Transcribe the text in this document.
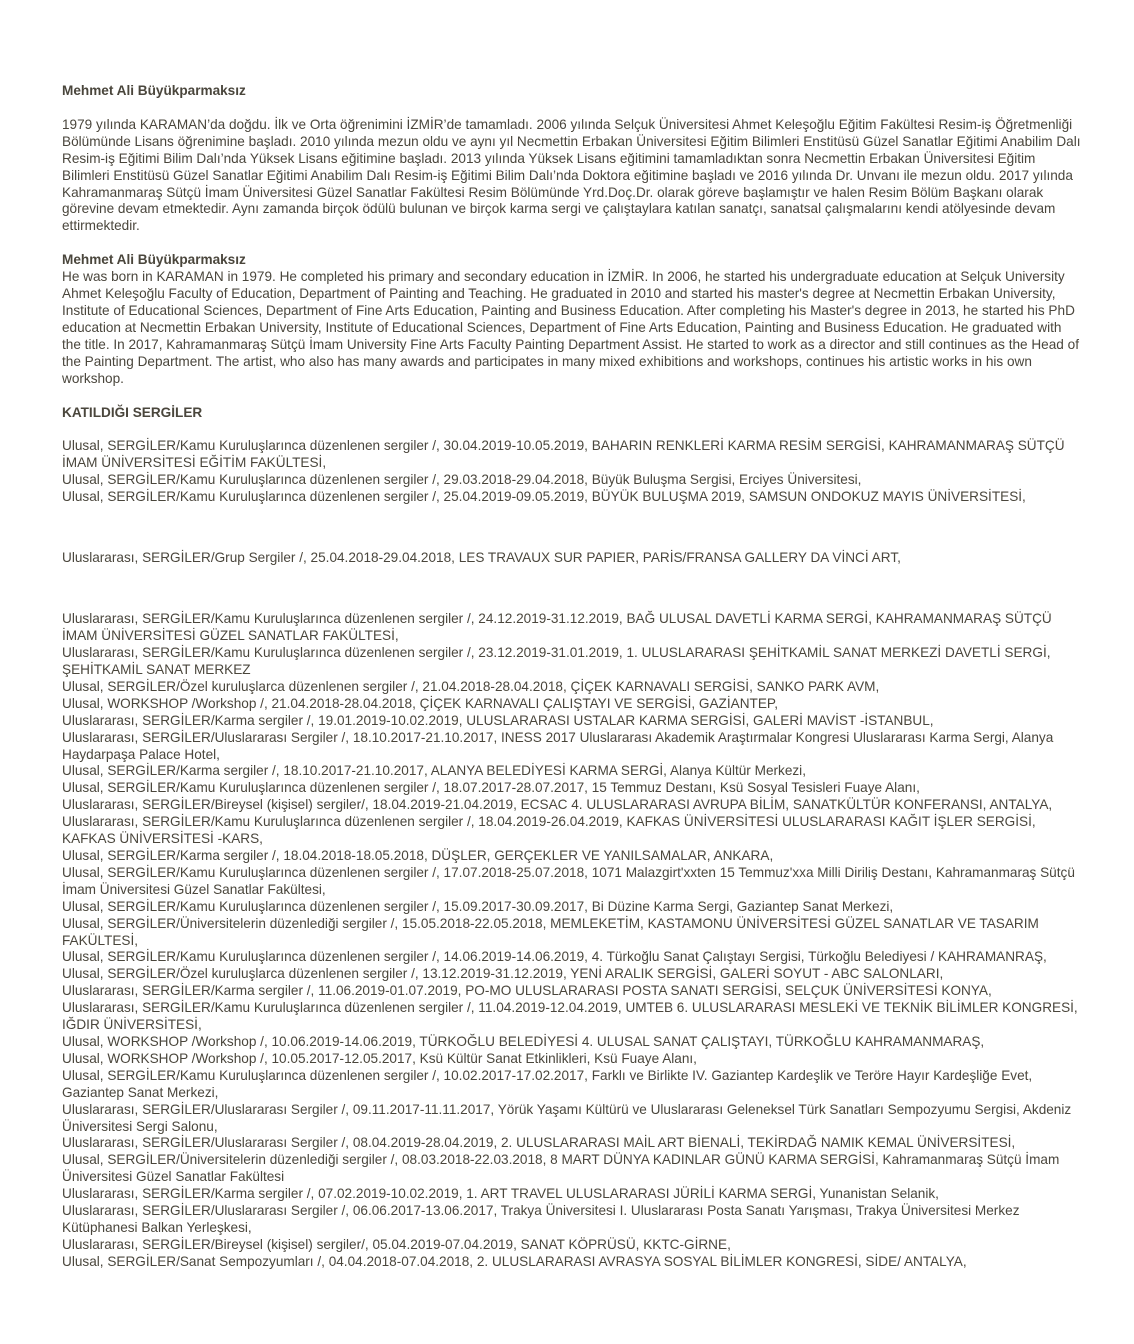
Mehmet Ali Büyükparmaksız

1979 yılında KARAMAN’da doğdu. İlk ve Orta öğrenimini İZMİR’de tamamladı. 2006 yılında Selçuk Üniversitesi Ahmet Keleşoğlu Eğitim Fakültesi Resim-iş Öğretmenliği Bölümünde Lisans öğrenimine başladı. 2010 yılında mezun oldu ve aynı yıl Necmettin Erbakan Üniversitesi Eğitim Bilimleri Enstitüsü Güzel Sanatlar Eğitimi Anabilim Dalı Resim-iş Eğitimi Bilim Dalı’nda Yüksek Lisans eğitimine başladı. 2013 yılında Yüksek Lisans eğitimini tamamladıktan sonra Necmettin Erbakan Üniversitesi Eğitim Bilimleri Enstitüsü Güzel Sanatlar Eğitimi Anabilim Dalı Resim-iş Eğitimi Bilim Dalı’nda Doktora eğitimine başladı ve 2016 yılında Dr. Unvanı ile mezun oldu. 2017 yılında Kahramanmaraş Sütçü İmam Üniversitesi Güzel Sanatlar Fakültesi Resim Bölümünde Yrd.Doç.Dr. olarak göreve başlamıştır ve halen Resim Bölüm Başkanı olarak görevine devam etmektedir. Aynı zamanda birçok ödülü bulunan ve birçok karma sergi ve çalıştaylara katılan sanatçı, sanatsal çalışmalarını kendi atölyesinde devam ettirmektedir.

Mehmet Ali Büyükparmaksız

He was born in KARAMAN in 1979. He completed his primary and secondary education in İZMİR. In 2006, he started his undergraduate education at Selçuk University Ahmet Keleşoğlu Faculty of Education, Department of Painting and Teaching. He graduated in 2010 and started his master's degree at Necmettin Erbakan University, Institute of Educational Sciences, Department of Fine Arts Education, Painting and Business Education. After completing his Master's degree in 2013, he started his PhD education at Necmettin Erbakan University, Institute of Educational Sciences, Department of Fine Arts Education, Painting and Business Education. He graduated with the title. In 2017, Kahramanmaraş Sütçü İmam University Fine Arts Faculty Painting Department Assist. He started to work as a director and still continues as the Head of the Painting Department. The artist, who also has many awards and participates in many mixed exhibitions and workshops, continues his artistic works in his own workshop.

KATILDIĞI SERGİLER

Ulusal, SERGİLER/Kamu Kuruluşlarınca düzenlenen sergiler /, 30.04.2019-10.05.2019, BAHARIN RENKLERİ KARMA RESİM SERGİSİ, KAHRAMANMARAŞ SÜTÇÜ İMAM ÜNİVERSİTESİ EĞİTİM FAKÜLTESİ,

Ulusal, SERGİLER/Kamu Kuruluşlarınca düzenlenen sergiler /, 29.03.2018-29.04.2018, Büyük Buluşma Sergisi, Erciyes Üniversitesi,

Ulusal, SERGİLER/Kamu Kuruluşlarınca düzenlenen sergiler /, 25.04.2019-09.05.2019, BÜYÜK BULUŞMA 2019, SAMSUN ONDOKUZ MAYIS ÜNİVERSİTESİ,

Uluslararası, SERGİLER/Grup Sergiler /, 25.04.2018-29.04.2018, LES TRAVAUX SUR PAPIER, PARİS/FRANSA GALLERY DA VİNCİ ART,

Uluslararası, SERGİLER/Kamu Kuruluşlarınca düzenlenen sergiler /, 24.12.2019-31.12.2019, BAĞ ULUSAL DAVETLİ KARMA SERGİ, KAHRAMANMARAŞ SÜTÇÜ İMAM ÜNİVERSİTESİ GÜZEL SANATLAR FAKÜLTESİ,

Uluslararası, SERGİLER/Kamu Kuruluşlarınca düzenlenen sergiler /, 23.12.2019-31.01.2019, 1. ULUSLARARASI ŞEHİTKAMİL SANAT MERKEZİ DAVETLİ SERGİ, ŞEHİTKAMİL SANAT MERKEZ

Ulusal, SERGİLER/Özel kuruluşlarca düzenlenen sergiler /, 21.04.2018-28.04.2018, ÇİÇEK KARNAVALI SERGİSİ, SANKO PARK AVM,

Ulusal, WORKSHOP /Workshop /, 21.04.2018-28.04.2018, ÇİÇEK KARNAVALI ÇALIŞTAYI VE SERGİSİ, GAZİANTEP,

Uluslararası, SERGİLER/Karma sergiler /, 19.01.2019-10.02.2019, ULUSLARARASI USTALAR KARMA SERGİSİ, GALERİ MAVİST -İSTANBUL,

Uluslararası, SERGİLER/Uluslararası Sergiler /, 18.10.2017-21.10.2017, INESS 2017 Uluslararası Akademik Araştırmalar Kongresi Uluslararası Karma Sergi, Alanya Haydarpaşa Palace Hotel,

Ulusal, SERGİLER/Karma sergiler /, 18.10.2017-21.10.2017, ALANYA BELEDİYESİ KARMA SERGİ, Alanya Kültür Merkezi,

Ulusal, SERGİLER/Kamu Kuruluşlarınca düzenlenen sergiler /, 18.07.2017-28.07.2017, 15 Temmuz Destanı, Ksü Sosyal Tesisleri Fuaye Alanı,

Uluslararası, SERGİLER/Bireysel (kişisel) sergiler/, 18.04.2019-21.04.2019, ECSAC 4. ULUSLARARASI AVRUPA BİLİM, SANATKÜLTÜR KONFERANSI, ANTALYA,

Uluslararası, SERGİLER/Kamu Kuruluşlarınca düzenlenen sergiler /, 18.04.2019-26.04.2019, KAFKAS ÜNİVERSİTESİ ULUSLARARASI KAĞIT İŞLER SERGİSİ, KAFKAS ÜNİVERSİTESİ -KARS,

Ulusal, SERGİLER/Karma sergiler /, 18.04.2018-18.05.2018, DÜŞLER, GERÇEKLER VE YANILSAMALAR, ANKARA,

Ulusal, SERGİLER/Kamu Kuruluşlarınca düzenlenen sergiler /, 17.07.2018-25.07.2018, 1071 Malazgirt'xxten 15 Temmuz'xxa Milli Diriliş Destanı, Kahramanmaraş Sütçü İmam Üniversitesi Güzel Sanatlar Fakültesi,

Ulusal, SERGİLER/Kamu Kuruluşlarınca düzenlenen sergiler /, 15.09.2017-30.09.2017, Bi Düzine Karma Sergi, Gaziantep Sanat Merkezi,

Ulusal, SERGİLER/Üniversitelerin düzenlediği sergiler /, 15.05.2018-22.05.2018, MEMLEKETİM, KASTAMONU ÜNİVERSİTESİ GÜZEL SANATLAR VE TASARIM FAKÜLTESİ,

Ulusal, SERGİLER/Kamu Kuruluşlarınca düzenlenen sergiler /, 14.06.2019-14.06.2019, 4. Türkoğlu Sanat Çalıştayı Sergisi, Türkoğlu Belediyesi / KAHRAMANRAŞ,

Ulusal, SERGİLER/Özel kuruluşlarca düzenlenen sergiler /, 13.12.2019-31.12.2019, YENİ ARALIK SERGİSİ, GALERİ SOYUT - ABC SALONLARI,

Uluslararası, SERGİLER/Karma sergiler /, 11.06.2019-01.07.2019, PO-MO ULUSLARARASI POSTA SANATI SERGİSİ, SELÇUK ÜNİVERSİTESİ KONYA,

Uluslararası, SERGİLER/Kamu Kuruluşlarınca düzenlenen sergiler /, 11.04.2019-12.04.2019, UMTEB 6. ULUSLARARASI MESLEKİ VE TEKNİK BİLİMLER KONGRESİ, IĞDIR ÜNİVERSİTESİ,

Ulusal, WORKSHOP /Workshop /, 10.06.2019-14.06.2019, TÜRKOĞLU BELEDİYESİ 4. ULUSAL SANAT ÇALIŞTAYI, TÜRKOĞLU KAHRAMANMARAŞ,

Ulusal, WORKSHOP /Workshop /, 10.05.2017-12.05.2017, Ksü Kültür Sanat Etkinlikleri, Ksü Fuaye Alanı,

Ulusal, SERGİLER/Kamu Kuruluşlarınca düzenlenen sergiler /, 10.02.2017-17.02.2017, Farklı ve Birlikte IV. Gaziantep Kardeşlik ve Teröre Hayır Kardeşliğe Evet, Gaziantep Sanat Merkezi,

Uluslararası, SERGİLER/Uluslararası Sergiler /, 09.11.2017-11.11.2017, Yörük Yaşamı Kültürü ve Uluslararası Geleneksel Türk Sanatları Sempozyumu Sergisi, Akdeniz Üniversitesi Sergi Salonu,

Uluslararası, SERGİLER/Uluslararası Sergiler /, 08.04.2019-28.04.2019, 2. ULUSLARARASI MAİL ART BİENALİ, TEKİRDAĞ NAMIK KEMAL ÜNİVERSİTESİ,

Ulusal, SERGİLER/Üniversitelerin düzenlediği sergiler /, 08.03.2018-22.03.2018, 8 MART DÜNYA KADINLAR GÜNÜ KARMA SERGİSİ, Kahramanmaraş Sütçü İmam Üniversitesi Güzel Sanatlar Fakültesi

Uluslararası, SERGİLER/Karma sergiler /, 07.02.2019-10.02.2019, 1. ART TRAVEL ULUSLARARASI JÜRİLİ KARMA SERGİ, Yunanistan Selanik,

Uluslararası, SERGİLER/Uluslararası Sergiler /, 06.06.2017-13.06.2017, Trakya Üniversitesi I. Uluslararası Posta Sanatı Yarışması, Trakya Üniversitesi Merkez Kütüphanesi Balkan Yerleşkesi,

Uluslararası, SERGİLER/Bireysel (kişisel) sergiler/, 05.04.2019-07.04.2019, SANAT KÖPRÜSÜ, KKTC-GİRNE,

Ulusal, SERGİLER/Sanat Sempozyumları /, 04.04.2018-07.04.2018, 2. ULUSLARARASI AVRASYA SOSYAL BİLİMLER KONGRESİ, SİDE/ ANTALYA,
